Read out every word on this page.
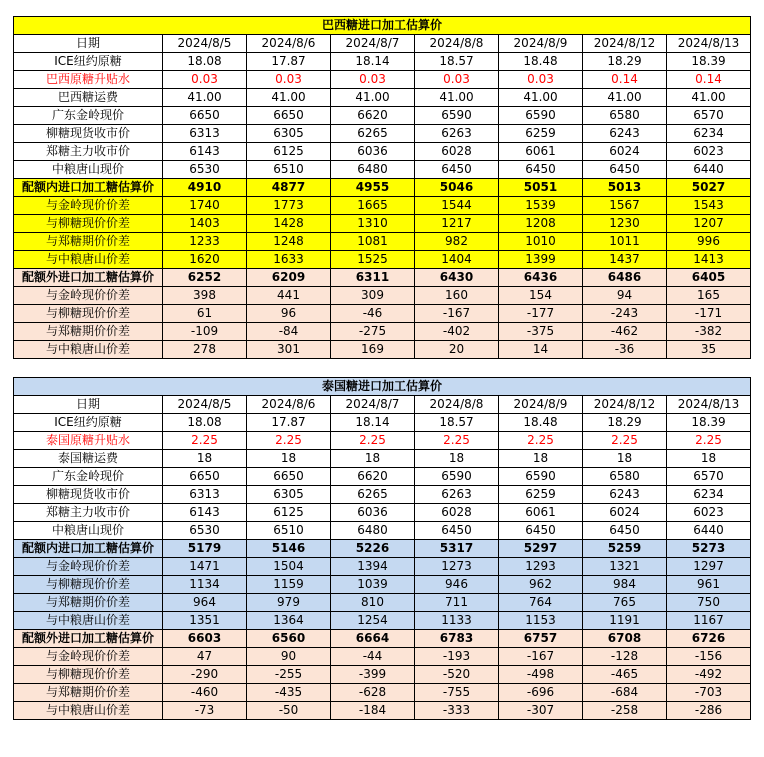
巴西糖进口加工估算价							
日期	2024/8/5	2024/8/6	2024/8/7	2024/8/8	2024/8/9	2024/8/12	2024/8/13
ICE纽约原糖	18.08	17.87	18.14	18.57	18.48	18.29	18.39
巴西原糖升贴水	0.03	0.03	0.03	0.03	0.03	0.14	0.14
巴西糖运费	41.00	41.00	41.00	41.00	41.00	41.00	41.00
广东金岭现价	6650	6650	6620	6590	6590	6580	6570
柳糖现货收市价	6313	6305	6265	6263	6259	6243	6234
郑糖主力收市价	6143	6125	6036	6028	6061	6024	6023
中粮唐山现价	6530	6510	6480	6450	6450	6450	6440
配额内进口加工糖估算价	4910	4877	4955	5046	5051	5013	5027
与金岭现价价差	1740	1773	1665	1544	1539	1567	1543
与柳糖现价价差	1403	1428	1310	1217	1208	1230	1207
与郑糖期价价差	1233	1248	1081	982	1010	1011	996
与中粮唐山价差	1620	1633	1525	1404	1399	1437	1413
配额外进口加工糖估算价	6252	6209	6311	6430	6436	6486	6405
与金岭现价价差	398	441	309	160	154	94	165
与柳糖现价价差	61	96	-46	-167	-177	-243	-171
与郑糖期价价差	-109	-84	-275	-402	-375	-462	-382
与中粮唐山价差	278	301	169	20	14	-36	35
泰国糖进口加工估算价							
日期	2024/8/5	2024/8/6	2024/8/7	2024/8/8	2024/8/9	2024/8/12	2024/8/13
ICE纽约原糖	18.08	17.87	18.14	18.57	18.48	18.29	18.39
泰国原糖升贴水	2.25	2.25	2.25	2.25	2.25	2.25	2.25
泰国糖运费	18	18	18	18	18	18	18
广东金岭现价	6650	6650	6620	6590	6590	6580	6570
柳糖现货收市价	6313	6305	6265	6263	6259	6243	6234
郑糖主力收市价	6143	6125	6036	6028	6061	6024	6023
中粮唐山现价	6530	6510	6480	6450	6450	6450	6440
配额内进口加工糖估算价	5179	5146	5226	5317	5297	5259	5273
与金岭现价价差	1471	1504	1394	1273	1293	1321	1297
与柳糖现价价差	1134	1159	1039	946	962	984	961
与郑糖期价价差	964	979	810	711	764	765	750
与中粮唐山价差	1351	1364	1254	1133	1153	1191	1167
配额外进口加工糖估算价	6603	6560	6664	6783	6757	6708	6726
与金岭现价价差	47	90	-44	-193	-167	-128	-156
与柳糖现价价差	-290	-255	-399	-520	-498	-465	-492
与郑糖期价价差	-460	-435	-628	-755	-696	-684	-703
与中粮唐山价差	-73	-50	-184	-333	-307	-258	-286
